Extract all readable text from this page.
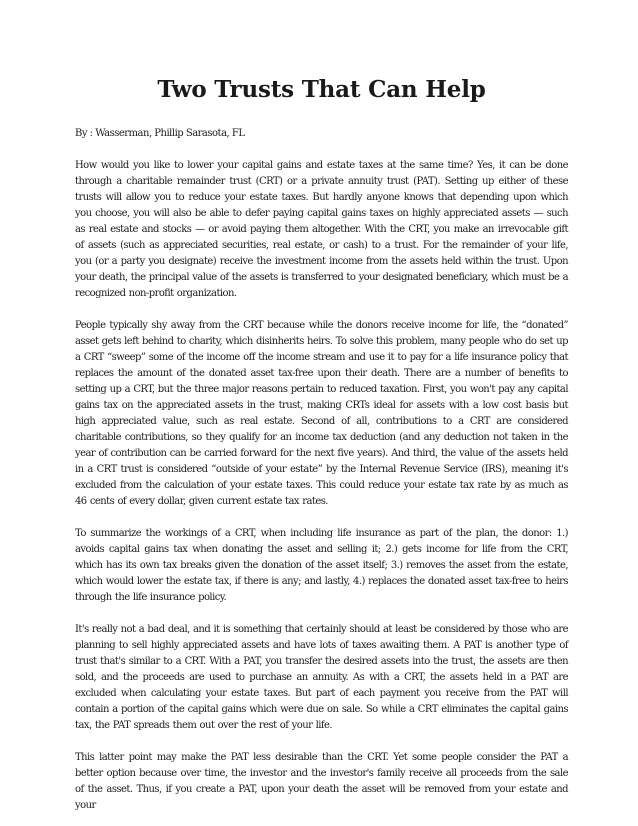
Two Trusts That Can Help
By : Wasserman, Phillip Sarasota, FL

How would you like to lower your capital gains and estate taxes at the same time? Yes, it can be done through a charitable remainder trust (CRT) or a private annuity trust (PAT). Setting up either of these trusts will allow you to reduce your estate taxes. But hardly anyone knows that depending upon which you choose, you will also be able to defer paying capital gains taxes on highly appreciated assets — such as real estate and stocks — or avoid paying them altogether. With the CRT, you make an irrevocable gift of assets (such as appreciated securities, real estate, or cash) to a trust. For the remainder of your life, you (or a party you designate) receive the investment income from the assets held within the trust. Upon your death, the principal value of the assets is transferred to your designated beneficiary, which must be a recognized non-profit organization.

People typically shy away from the CRT because while the donors receive income for life, the “donated” asset gets left behind to charity, which disinherits heirs. To solve this problem, many people who do set up a CRT “sweep” some of the income off the income stream and use it to pay for a life insurance policy that replaces the amount of the donated asset tax-free upon their death. There are a number of benefits to setting up a CRT, but the three major reasons pertain to reduced taxation. First, you won't pay any capital gains tax on the appreciated assets in the trust, making CRTs ideal for assets with a low cost basis but high appreciated value, such as real estate. Second of all, contributions to a CRT are considered charitable contributions, so they qualify for an income tax deduction (and any deduction not taken in the year of contribution can be carried forward for the next five years). And third, the value of the assets held in a CRT trust is considered “outside of your estate” by the Internal Revenue Service (IRS), meaning it's excluded from the calculation of your estate taxes. This could reduce your estate tax rate by as much as 46 cents of every dollar, given current estate tax rates.

To summarize the workings of a CRT, when including life insurance as part of the plan, the donor: 1.) avoids capital gains tax when donating the asset and selling it; 2.) gets income for life from the CRT, which has its own tax breaks given the donation of the asset itself; 3.) removes the asset from the estate, which would lower the estate tax, if there is any; and lastly, 4.) replaces the donated asset tax-free to heirs through the life insurance policy.

It's really not a bad deal, and it is something that certainly should at least be considered by those who are planning to sell highly appreciated assets and have lots of taxes awaiting them. A PAT is another type of trust that's similar to a CRT. With a PAT, you transfer the desired assets into the trust, the assets are then sold, and the proceeds are used to purchase an annuity. As with a CRT, the assets held in a PAT are excluded when calculating your estate taxes. But part of each payment you receive from the PAT will contain a portion of the capital gains which were due on sale. So while a CRT eliminates the capital gains tax, the PAT spreads them out over the rest of your life.

This latter point may make the PAT less desirable than the CRT. Yet some people consider the PAT a better option because over time, the investor and the investor's family receive all proceeds from the sale of the asset. Thus, if you create a PAT, upon your death the asset will be removed from your estate and your
